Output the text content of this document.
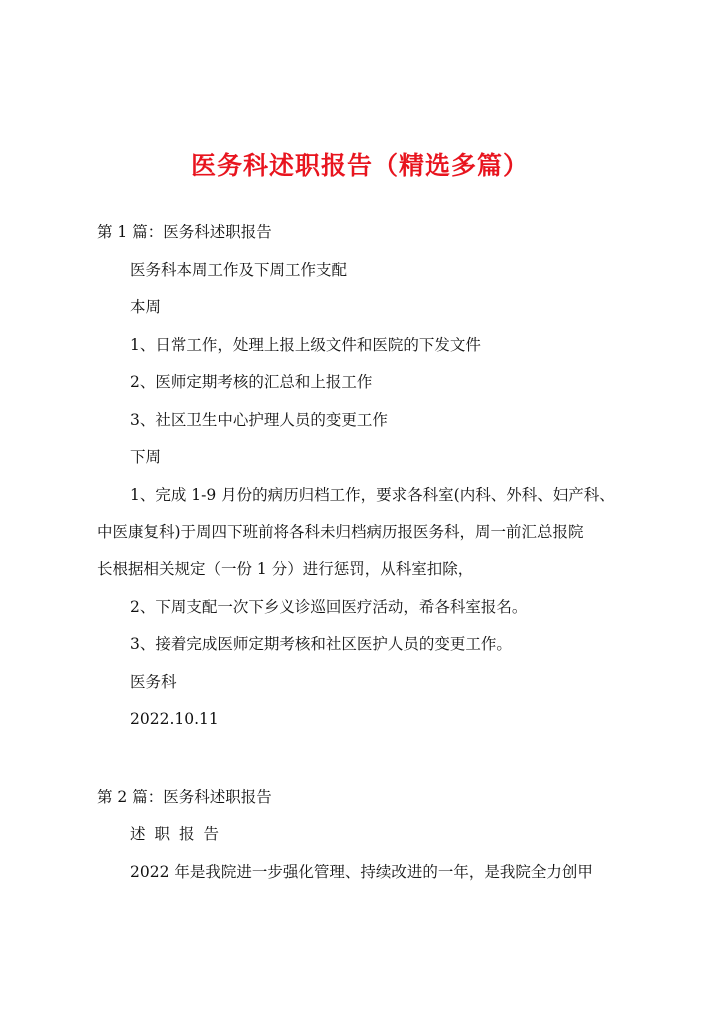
医务科述职报告（精选多篇）
第 1 篇：医务科述职报告
医务科本周工作及下周工作支配
本周
1、日常工作，处理上报上级文件和医院的下发文件
2、医师定期考核的汇总和上报工作
3、社区卫生中心护理人员的变更工作
下周
1、完成 1-9 月份的病历归档工作，要求各科室(内科、外科、妇产科、
中医康复科)于周四下班前将各科未归档病历报医务科，周一前汇总报院
长根据相关规定（一份 1 分）进行惩罚，从科室扣除，
2、下周支配一次下乡义诊巡回医疗活动，希各科室报名。
3、接着完成医师定期考核和社区医护人员的变更工作。
医务科
2022.10.11
第 2 篇：医务科述职报告
述职报告
2022 年是我院进一步强化管理、持续改进的一年，是我院全力创甲
